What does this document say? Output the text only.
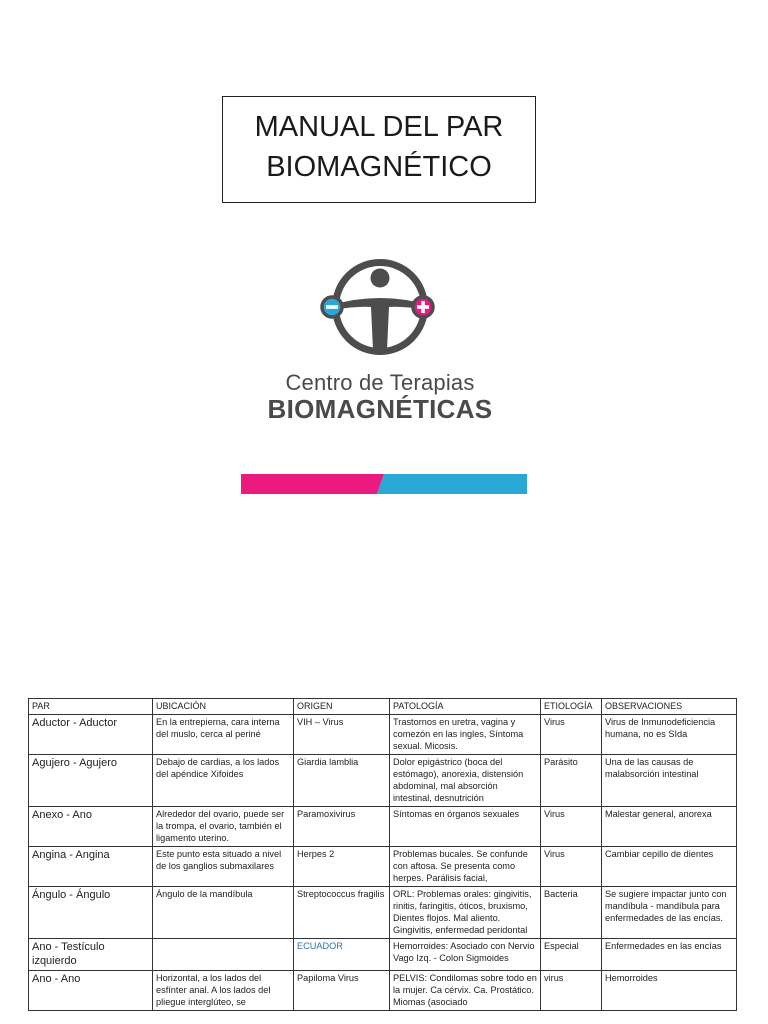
MANUAL DEL PAR
BIOMAGNÉTICO
Centro de Terapias
BIOMAGNÉTICAS
PAR	UBICACIÓN	ORIGEN	PATOLOGÍA	ETIOLOGÍA	OBSERVACIONES
Aductor - Aductor	En la entrepierna, cara interna del muslo, cerca al periné	VIH – Virus	Trastornos en uretra, vagina y comezón en las ingles, Síntoma sexual. Micosis.	Virus	Virus de Inmunodeficiencia humana, no es SIda
Agujero - Agujero	Debajo de cardias, a los lados del apéndice Xifoides	Giardia lamblia	Dolor epigástrico (boca del estómago), anorexia, distensión abdominal, mal absorción intestinal, desnutrición	Parásito	Una de las causas de malabsorción intestinal
Anexo - Ano	Alrededor del ovario, puede ser la trompa, el ovario, también el ligamento uterino.	Paramoxivirus	Síntomas en órganos sexuales	Virus	Malestar general, anorexa
Angina - Angina	Este punto esta situado a nivel de los ganglios submaxilares	Herpes 2	Problemas bucales. Se confunde con aftosa. Se presenta como herpes. Parálisis facial,	Virus	Cambiar cepillo de dientes
Ángulo - Ángulo	Ángulo de la mandíbula	Streptococcus fragilis	ORL: Problemas orales: gingivitis, rinitis, faringitis, óticos, bruxismo, Dientes flojos. Mal aliento. Gingivitis, enfermedad peridontal	Bacteria	Se sugiere impactar junto con mandíbula - mandíbula para enfermedades de las encías.
Ano - Testículo izquierdo		ECUADOR	Hemorroides: Asociado con Nervio Vago Izq. - Colon Sigmoides	Especial	Enfermedades en las encías
Ano - Ano	Horizontal, a los lados del esfínter anal. A los lados del pliegue interglúteo, se	Papiloma Virus	PELVIS: Condilomas sobre todo en la mujer. Ca cérvix. Ca. Prostático. Miomas (asociado	virus	Hemorroides
